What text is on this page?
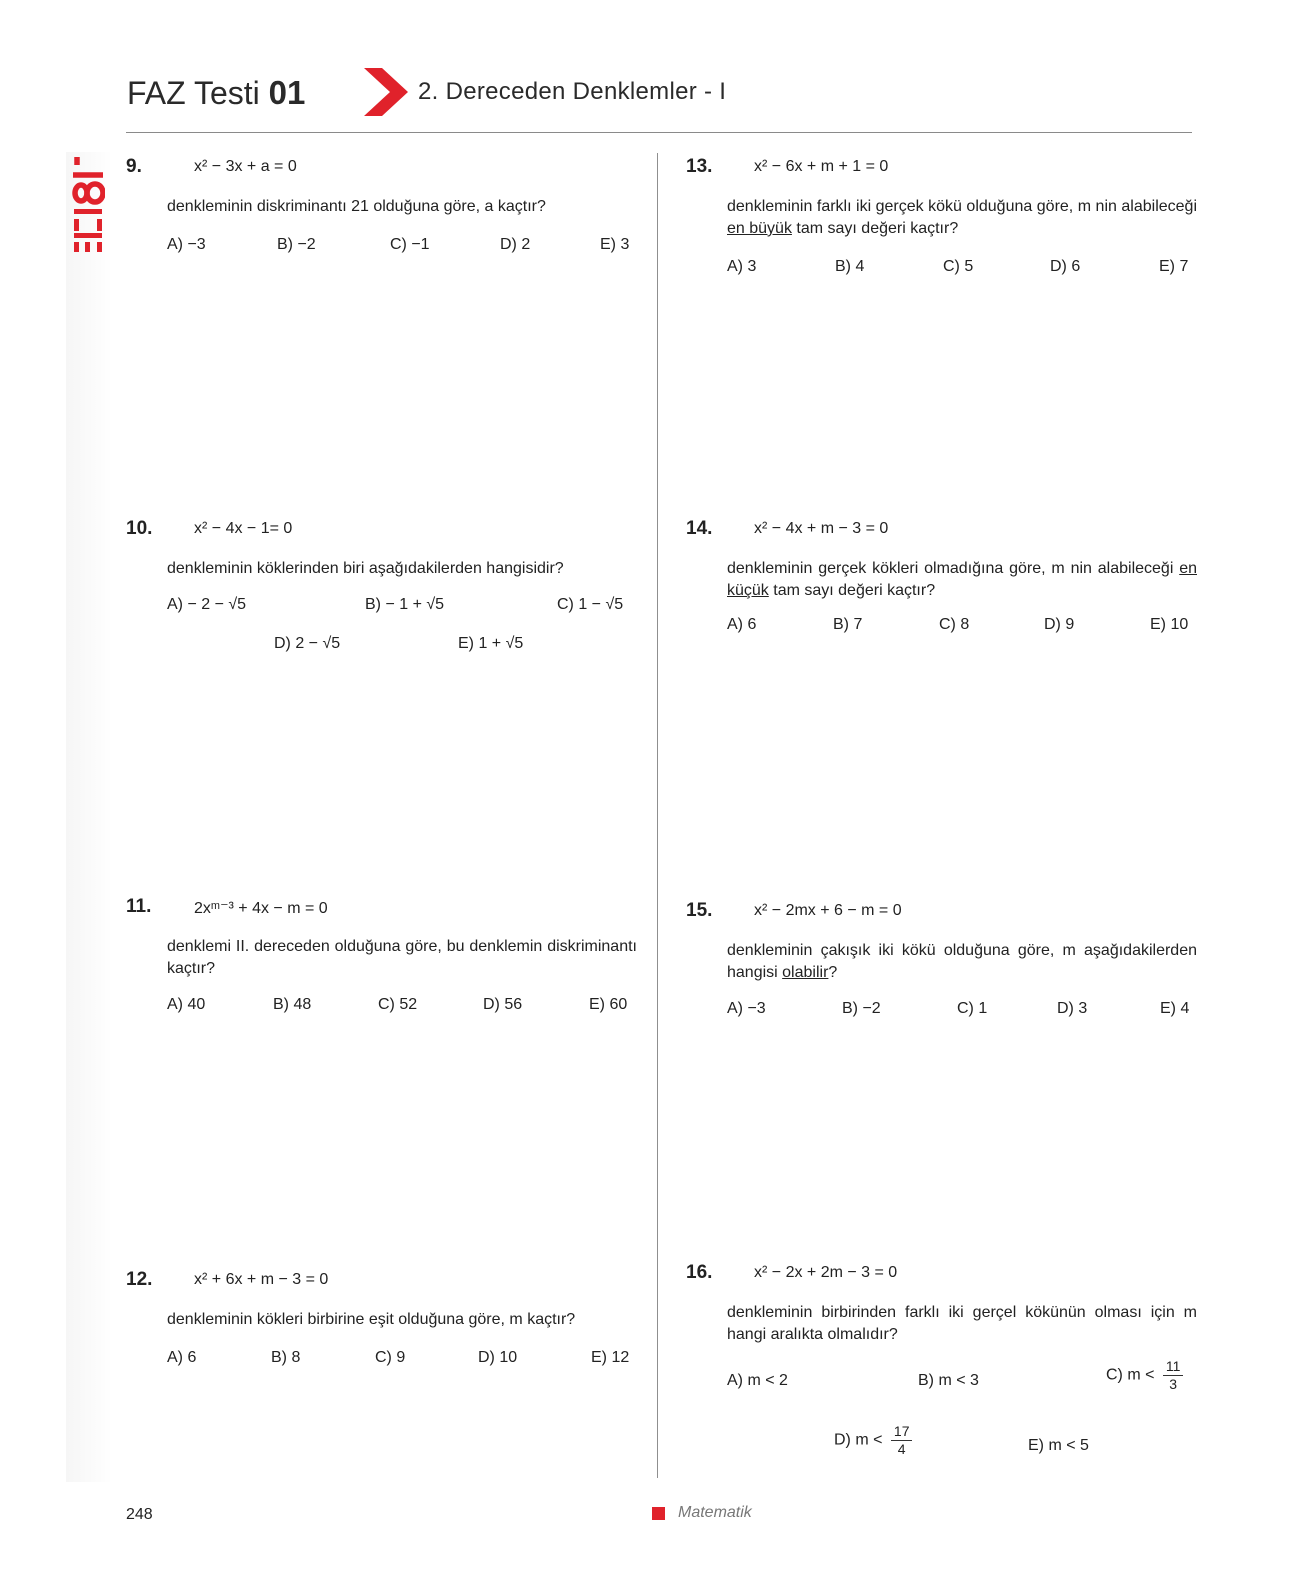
FAZ Testi 01	2. Dereceden Denklemler - I
Faz 18
9.	x² − 3x + a = 0
denkleminin diskriminantı 21 olduğuna göre, a kaçtır?
A) −3	B) −2	C) −1	D) 2	E) 3
10.	x² − 4x − 1= 0
denkleminin köklerinden biri aşağıdakilerden hangisidir?
A) − 2 − √5	B) − 1 + √5	C) 1 − √5
D) 2 − √5	E) 1 + √5
11.	2xᵐ⁻³ + 4x − m = 0
denklemi II. dereceden olduğuna göre, bu denklemin diskriminantı kaçtır?
A) 40	B) 48	C) 52	D) 56	E) 60
12.	x² + 6x + m − 3 = 0
denkleminin kökleri birbirine eşit olduğuna göre, m kaçtır?
A) 6	B) 8	C) 9	D) 10	E) 12
13.	x² − 6x + m + 1 = 0
denkleminin farklı iki gerçek kökü olduğuna göre, m nin alabileceği en büyük tam sayı değeri kaçtır?
A) 3	B) 4	C) 5	D) 6	E) 7
14.	x² − 4x + m − 3 = 0
denkleminin gerçek kökleri olmadığına göre, m nin alabileceği en küçük tam sayı değeri kaçtır?
A) 6	B) 7	C) 8	D) 9	E) 10
15.	x² − 2mx + 6 − m = 0
denkleminin çakışık iki kökü olduğuna göre, m aşağıdakilerden hangisi olabilir?
A) −3	B) −2	C) 1	D) 3	E) 4
16.	x² − 2x + 2m − 3 = 0
denkleminin birbirinden farklı iki gerçel kökünün olması için m hangi aralıkta olmalıdır?
A) m < 2	B) m < 3	C) $m < \frac{11}{3}$
D) $m < \frac{17}{4}$	E) m < 5
248	Matematik
